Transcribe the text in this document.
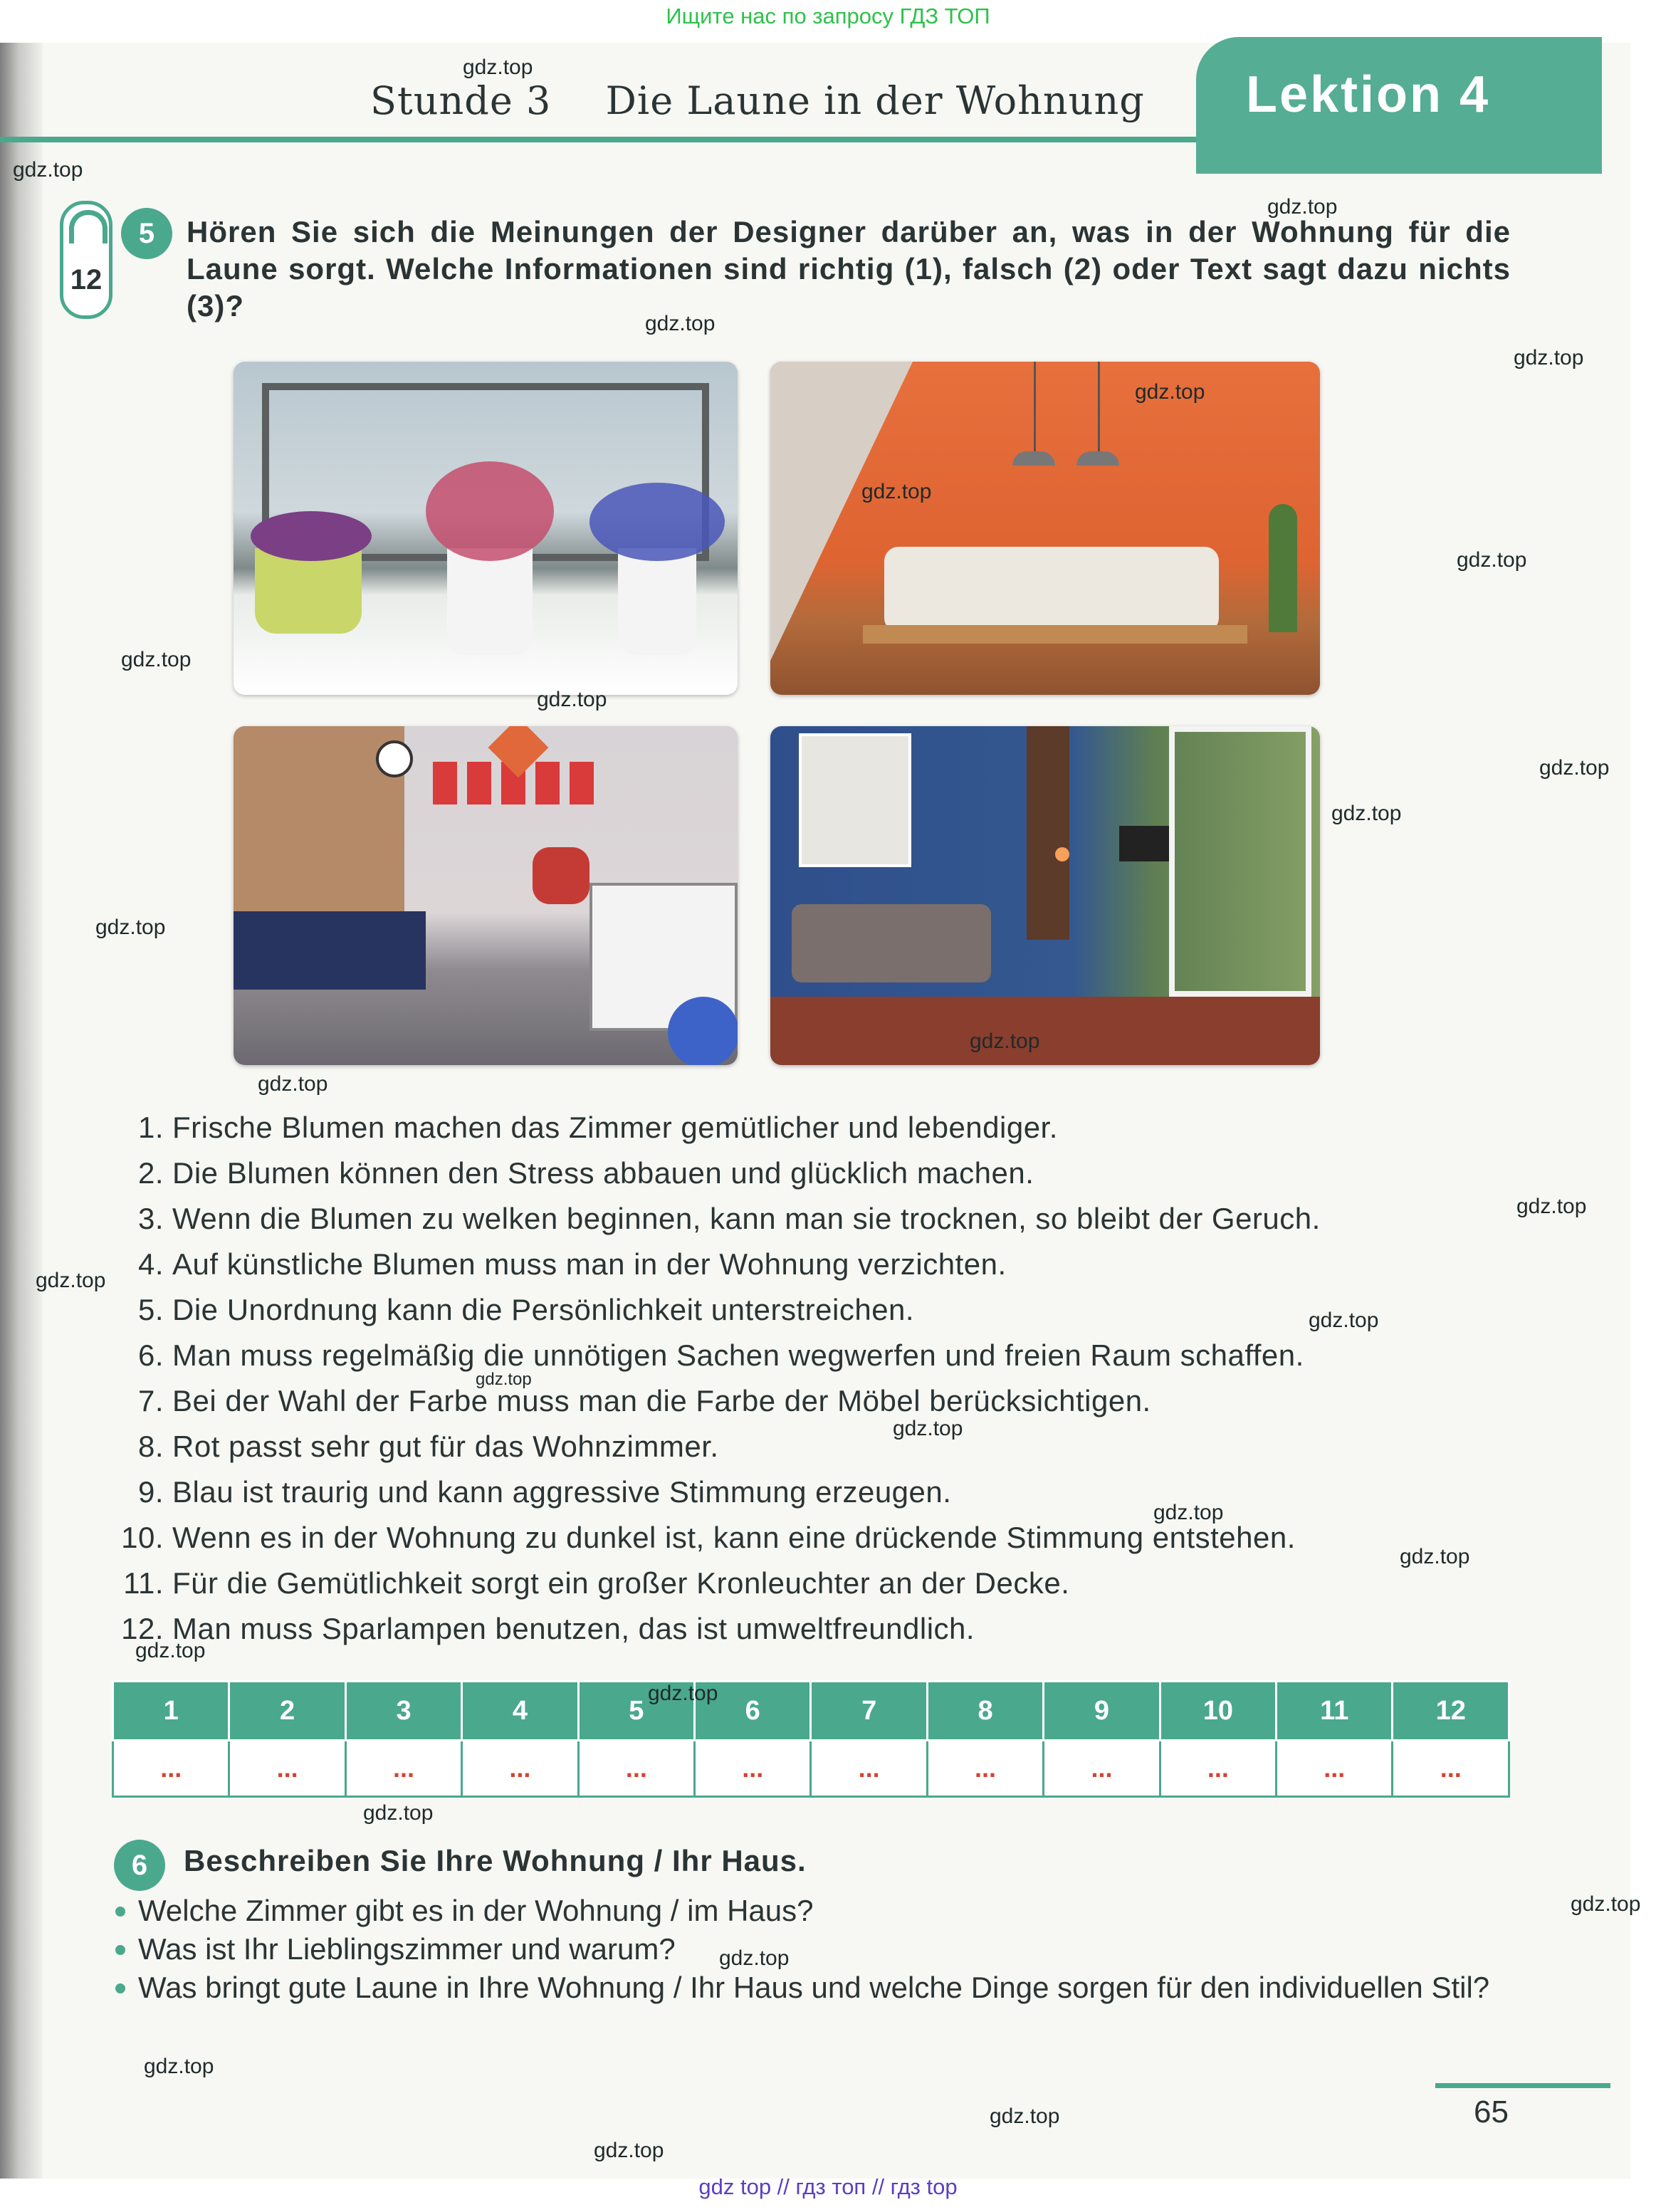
Ищите нас по запросу ГДЗ ТОП
Stunde 3 Die Laune in der Wohnung Lektion 4
12
5	Hören Sie sich die Meinungen der Designer darüber an, was in der Wohnung für die Laune sorgt. Welche Informationen sind richtig (1), falsch (2) oder Text sagt dazu nichts (3)?
1. Frische Blumen machen das Zimmer gemütlicher und lebendiger.
2. Die Blumen können den Stress abbauen und glücklich machen.
3. Wenn die Blumen zu welken beginnen, kann man sie trocknen, so bleibt der Geruch.
4. Auf künstliche Blumen muss man in der Wohnung verzichten.
5. Die Unordnung kann die Persönlichkeit unterstreichen.
6. Man muss regelmäßig die unnötigen Sachen wegwerfen und freien Raum schaffen.
7. Bei der Wahl der Farbe muss man die Farbe der Möbel berücksichtigen.
8. Rot passt sehr gut für das Wohnzimmer.
9. Blau ist traurig und kann aggressive Stimmung erzeugen.
10. Wenn es in der Wohnung zu dunkel ist, kann eine drückende Stimmung entstehen.
11. Für die Gemütlichkeit sorgt ein großer Kronleuchter an der Decke.
12. Man muss Sparlampen benutzen, das ist umweltfreundlich.
1	2	3	4	5	6	7	8	9	10	11	12
...	...	...	...	...	...	...	...	...	...	...	...
6	Beschreiben Sie Ihre Wohnung / Ihr Haus.
Welche Zimmer gibt es in der Wohnung / im Haus?
Was ist Ihr Lieblingszimmer und warum?
Was bringt gute Laune in Ihre Wohnung / Ihr Haus und welche Dinge sorgen für den individuellen Stil?
65
gdz top // гдз топ // гдз top
gdz.top
gdz.top
gdz.top
gdz.top
gdz.top
gdz.top
gdz.top
gdz.top
gdz.top
gdz.top
gdz.top
gdz.top
gdz.top
gdz.top
gdz.top
gdz.top
gdz.top
gdz.top
gdz.top
gdz.top
gdz.top
gdz.top
gdz.top
gdz.top
gdz.top
gdz.top
gdz.top
gdz.top
gdz.top
gdz.top
